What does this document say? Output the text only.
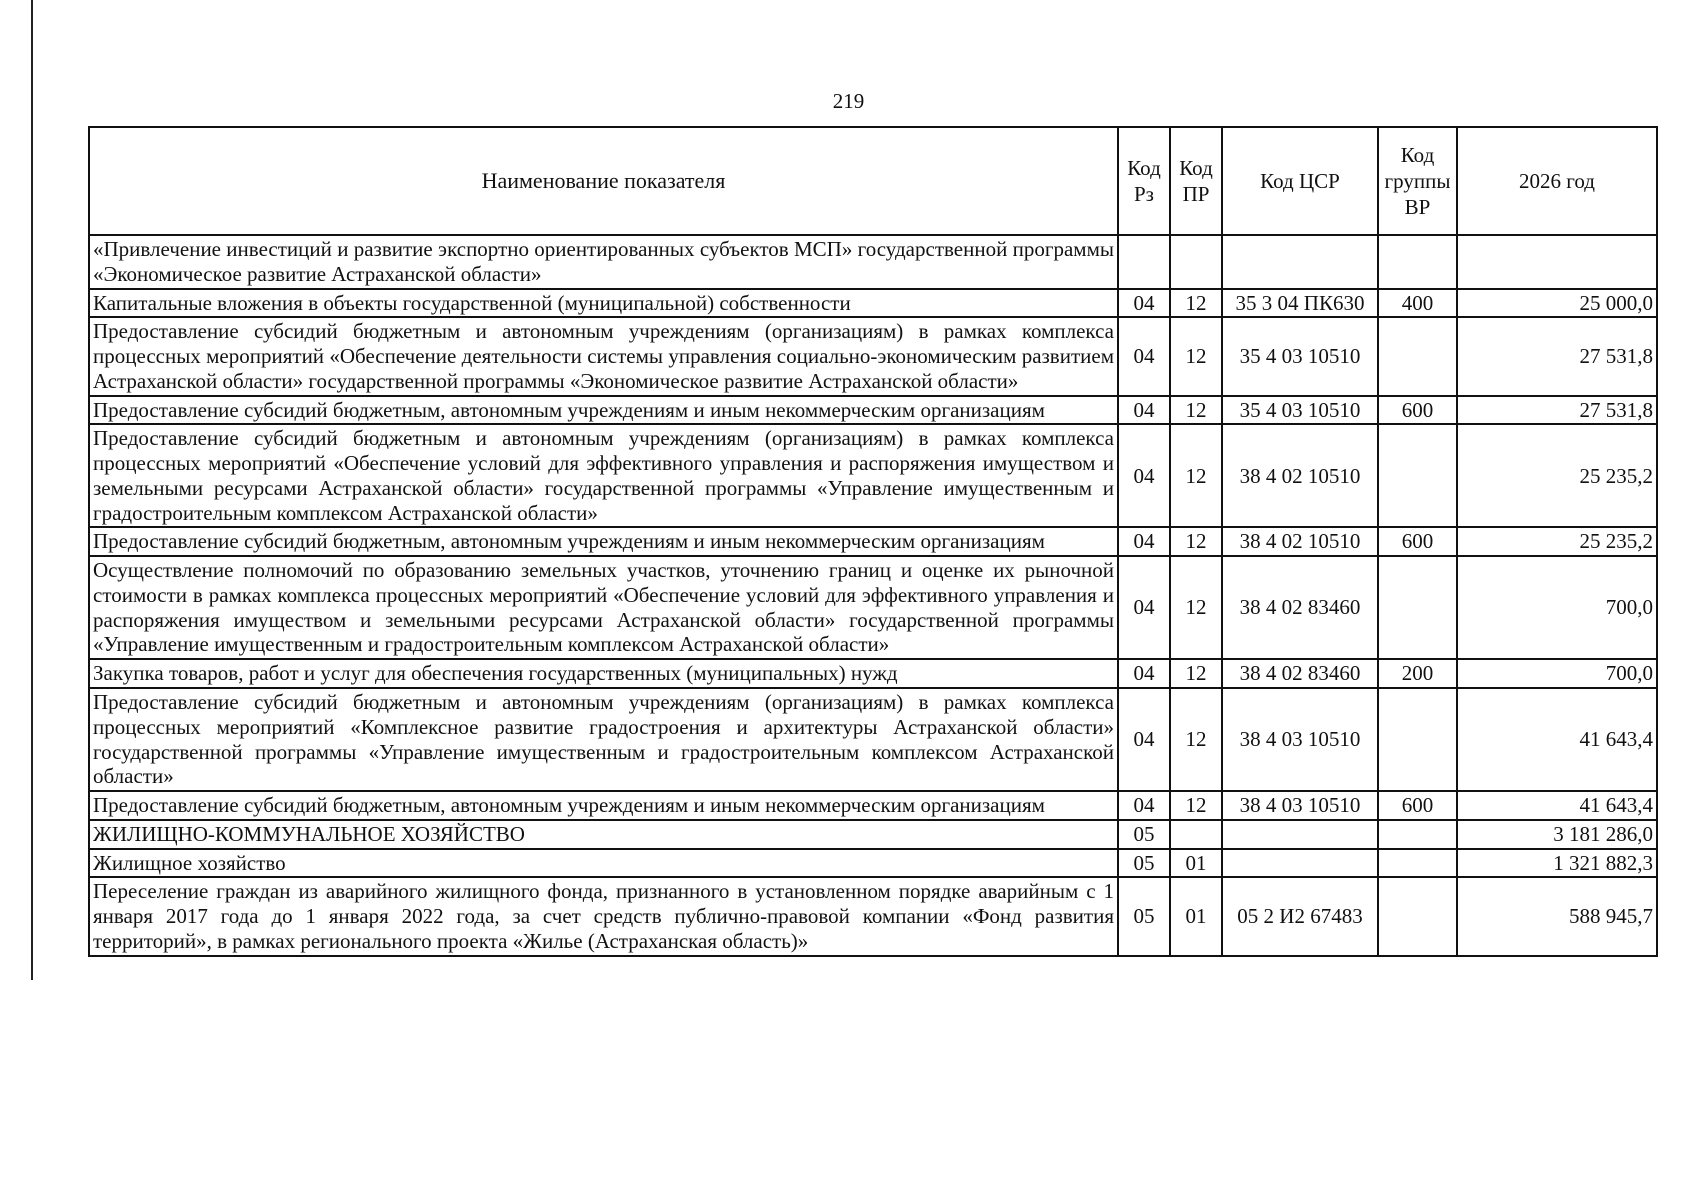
219
Наименование показателя	Код Рз	Код ПР	Код ЦСР	Код группы ВР	2026 год
«Привлечение инвестиций и развитие экспортно ориентированных субъектов МСП» государственной программы «Экономическое развитие Астраханской области»					
Капитальные вложения в объекты государственной (муниципальной) собственности	04	12	35 3 04 ПК630	400	25 000,0
Предоставление субсидий бюджетным и автономным учреждениям (организациям) в рамках комплекса процессных мероприятий «Обеспечение деятельности системы управления социально-экономическим развитием Астраханской области» государственной программы «Экономическое развитие Астраханской области»	04	12	35 4 03 10510		27 531,8
Предоставление субсидий бюджетным, автономным учреждениям и иным некоммерческим организациям	04	12	35 4 03 10510	600	27 531,8
Предоставление субсидий бюджетным и автономным учреждениям (организациям) в рамках комплекса процессных мероприятий «Обеспечение условий для эффективного управления и распоряжения имуществом и земельными ресурсами Астраханской области» государственной программы «Управление имущественным и градостроительным комплексом Астраханской области»	04	12	38 4 02 10510		25 235,2
Предоставление субсидий бюджетным, автономным учреждениям и иным некоммерческим организациям	04	12	38 4 02 10510	600	25 235,2
Осуществление полномочий по образованию земельных участков, уточнению границ и оценке их рыночной стоимости в рамках комплекса процессных мероприятий «Обеспечение условий для эффективного управления и распоряжения имуществом и земельными ресурсами Астраханской области» государственной программы «Управление имущественным и градостроительным комплексом Астраханской области»	04	12	38 4 02 83460		700,0
Закупка товаров, работ и услуг для обеспечения государственных (муниципальных) нужд	04	12	38 4 02 83460	200	700,0
Предоставление субсидий бюджетным и автономным учреждениям (организациям) в рамках комплекса процессных мероприятий «Комплексное развитие градостроения и архитектуры Астраханской области» государственной программы «Управление имущественным и градостроительным комплексом Астраханской области»	04	12	38 4 03 10510		41 643,4
Предоставление субсидий бюджетным, автономным учреждениям и иным некоммерческим организациям	04	12	38 4 03 10510	600	41 643,4
ЖИЛИЩНО-КОММУНАЛЬНОЕ ХОЗЯЙСТВО	05				3 181 286,0
Жилищное хозяйство	05	01			1 321 882,3
Переселение граждан из аварийного жилищного фонда, признанного в установленном порядке аварийным с 1 января 2017 года до 1 января 2022 года, за счет средств публично-правовой компании «Фонд развития территорий», в рамках регионального проекта «Жилье (Астраханская область)»	05	01	05 2 И2 67483		588 945,7
